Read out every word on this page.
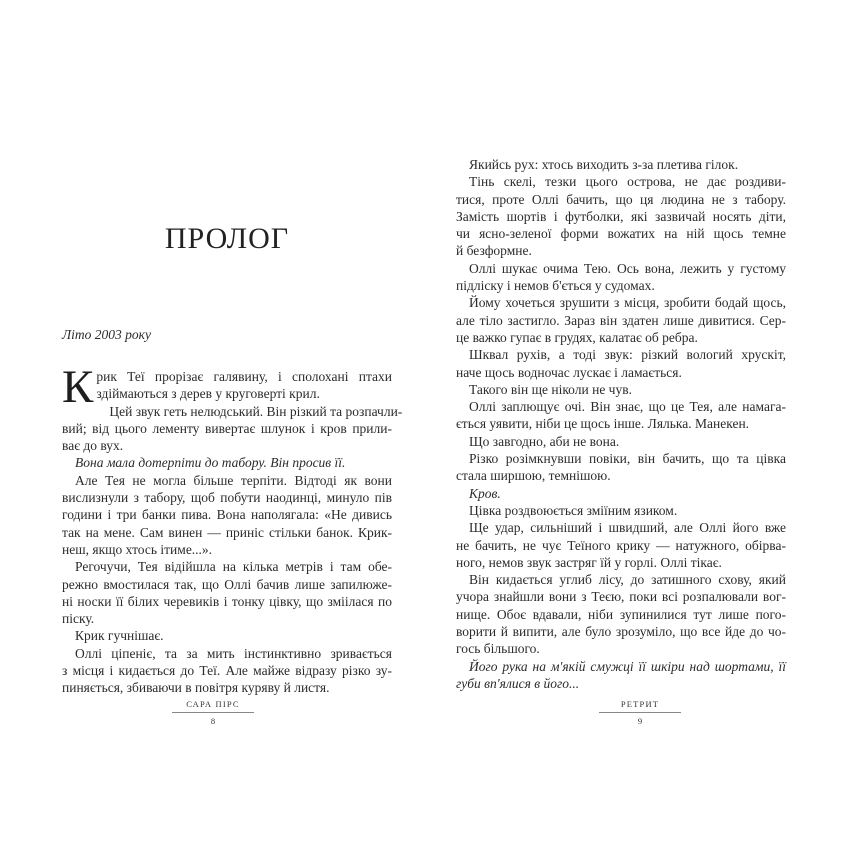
ПРОЛОГ
Літо 2003 року
К рик Теї прорізає галявину, і сполохані птахи
здіймаються з дерев у круговерті крил.
Цей звук геть нелюдський. Він різкий та розпачли-
вий; від цього лементу вивертає шлунок і кров прили-
ває до вух.
Вона мала дотерпіти до табору. Він просив її.
Але Тея не могла більше терпіти. Відтоді як вони
вислизнули з табору, щоб побути наодинці, минуло пів
години і три банки пива. Вона наполягала: «Не дивись
так на мене. Сам винен — приніс стільки банок. Крик-
неш, якщо хтось ітиме...».
Регочучи, Тея відійшла на кілька метрів і там обе-
режно вмостилася так, що Оллі бачив лише запилюже-
ні носки її білих черевиків і тонку цівку, що зміілася по
піску.
Крик гучнішає.
Оллі ціпеніє, та за мить інстинктивно зривається
з місця і кидається до Теї. Але майже відразу різко зу-
пиняється, збиваючи в повітря куряву й листя.
САРА ПІРС
8
Якийсь рух: хтось виходить з-за плетива гілок.
Тінь скелі, тезки цього острова, не дає роздиви-
тися, проте Оллі бачить, що ця людина не з табору.
Замість шортів і футболки, які зазвичай носять діти,
чи ясно-зеленої форми вожатих на ній щось темне
й безформне.
Оллі шукає очима Тею. Ось вона, лежить у густому
підліску і немов б'ється у судомах.
Йому хочеться зрушити з місця, зробити бодай щось,
але тіло застигло. Зараз він здатен лише дивитися. Сер-
це важко гупає в грудях, калатає об ребра.
Шквал рухів, а тоді звук: різкий вологий хрускіт,
наче щось водночас лускає і ламається.
Такого він ще ніколи не чув.
Оллі заплющує очі. Він знає, що це Тея, але намага-
ється уявити, ніби це щось інше. Лялька. Манекен.
Що завгодно, аби не вона.
Різко розімкнувши повіки, він бачить, що та цівка
стала ширшою, темнішою.
Кров.
Цівка роздвоюється зміїним язиком.
Ще удар, сильніший і швидший, але Оллі його вже
не бачить, не чує Теїного крику — натужного, обірва-
ного, немов звук застряг їй у горлі. Оллі тікає.
Він кидається углиб лісу, до затишного схову, який
учора знайшли вони з Теєю, поки всі розпалювали вог-
нище. Обоє вдавали, ніби зупинилися тут лише пого-
ворити й випити, але було зрозуміло, що все йде до чо-
гось більшого.
Його рука на м'якій смужці її шкіри над шортами, її
губи вп'ялися в його...
РЕТРИТ
9
